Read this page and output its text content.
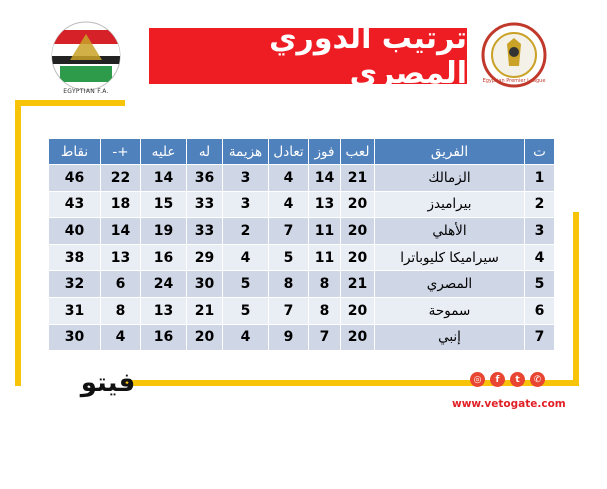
EGYPTIAN F.A.
ترتيب الدوري المصري	Egyptian Premier League
ت	الفريق	لعب	فوز	تعادل	هزيمة	له	عليه	+-	نقاط
1	الزمالك	21	14	4	3	36	14	22	46
2	بيراميدز	20	13	4	3	33	15	18	43
3	الأهلي	20	11	7	2	33	19	14	40
4	سيراميكا كليوباترا	20	11	5	4	29	16	13	38
5	المصري	21	8	8	5	30	24	6	32
6	سموحة	20	8	7	5	21	13	8	31
7	إنبي	20	7	9	4	20	16	4	30
فيتو	◎	f	t	✆
www.vetogate.com
